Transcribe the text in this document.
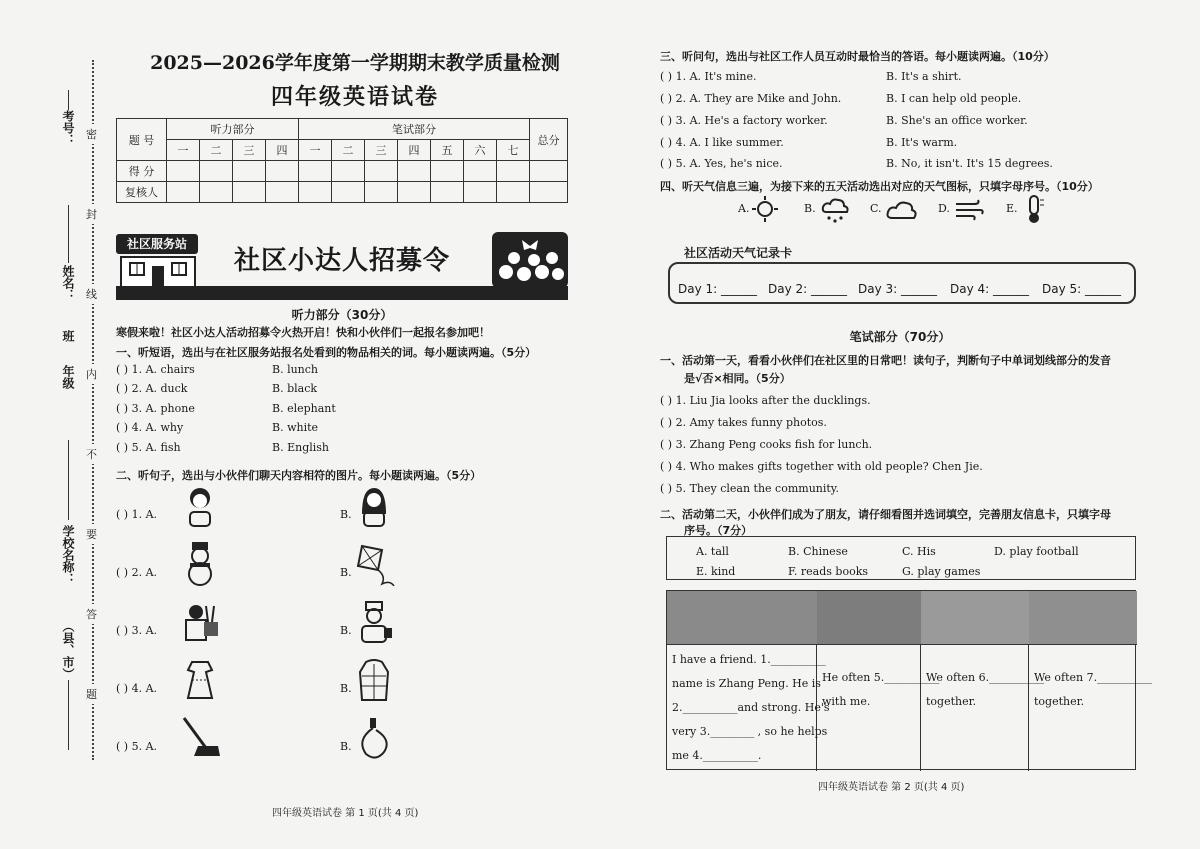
考号：
姓名：
年级
班
学校名称：
（县、市）
密
封
线
内
不
要
答
题
2025—2026学年度第一学期期末教学质量检测
四年级英语试卷
题 号	听力部分				笔试部分							总分
	一	二	三	四	一	二	三	四	五	六	七	
得 分												
复核人												
社区服务站
社区小达人招募令
听力部分（30分）
寒假来啦！社区小达人活动招募令火热开启！快和小伙伴们一起报名参加吧！
一、听短语，选出与在社区服务站报名处看到的物品相关的词。每小题读两遍。（5分）
( ) 1. A. chairs	B. lunch
( ) 2. A. duck	B. black
( ) 3. A. phone	B. elephant
( ) 4. A. why	B. white
( ) 5. A. fish	B. English
二、听句子，选出与小伙伴们聊天内容相符的图片。每小题读两遍。（5分）
( ) 1. A.	B.
( ) 2. A.	B.
( ) 3. A.	B.
( ) 4. A.	B.
( ) 5. A.	B.
四年级英语试卷 第 1 页(共 4 页)
三、听问句，选出与社区工作人员互动时最恰当的答语。每小题读两遍。（10分）
( ) 1. A. It's mine.	B. It's a shirt.
( ) 2. A. They are Mike and John.	B. I can help old people.
( ) 3. A. He's a factory worker.	B. She's an office worker.
( ) 4. A. I like summer.	B. It's warm.
( ) 5. A. Yes, he's nice.	B. No, it isn't. It's 15 degrees.
四、听天气信息三遍，为接下来的五天活动选出对应的天气图标，只填字母序号。（10分）
A.	B.	C.	D.	E.
社区活动天气记录卡
Day 1: ______ Day 2: ______ Day 3: ______ Day 4: ______ Day 5: ______
笔试部分（70分）
一、活动第一天，看看小伙伴们在社区里的日常吧！读句子，判断句子中单词划线部分的发音
是√否×相同。（5分）
( ) 1. Liu Jia looks after the ducklings.
( ) 2. Amy takes funny photos.
( ) 3. Zhang Peng cooks fish for lunch.
( ) 4. Who makes gifts together with old people? Chen Jie.
( ) 5. They clean the community.
二、活动第二天，小伙伴们成为了朋友，请仔细看图并选词填空，完善朋友信息卡，只填字母
序号。（7分）
A. tall	B. Chinese	C. His	D. play football
E. kind	F. reads books	G. play games
I have a friend. 1.__________
name is Zhang Peng. He is
2.__________and strong. He's
very 3.________ , so he helps
me 4.__________.
He often 5.__________
with me.
We often 6.__________
together.
We often 7.__________
together.
四年级英语试卷 第 2 页(共 4 页)
